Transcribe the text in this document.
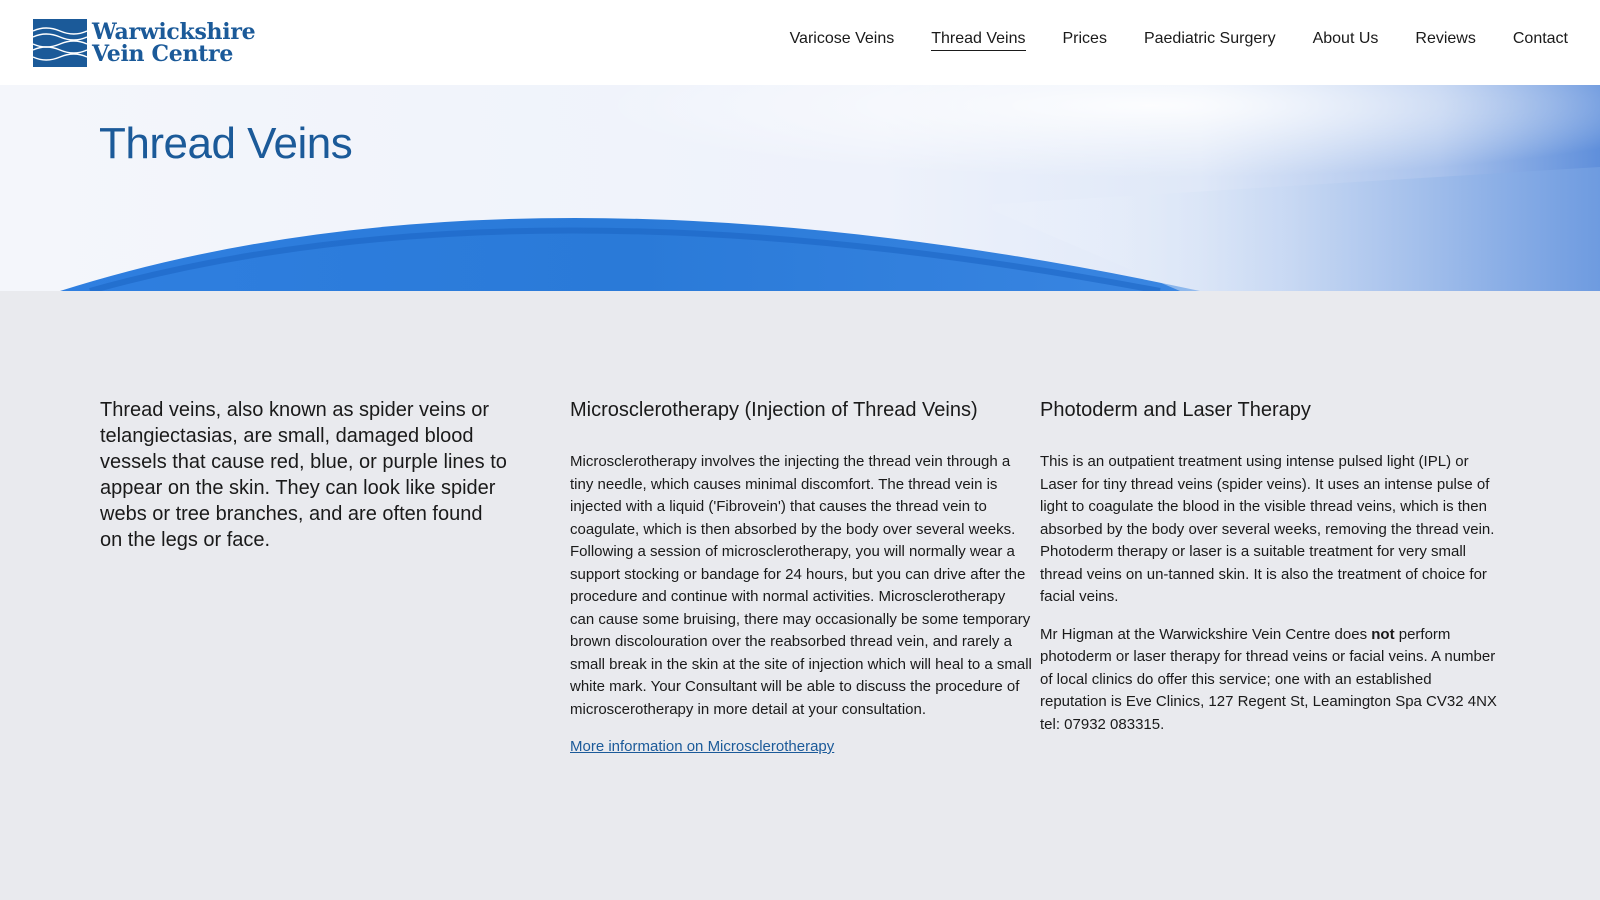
Warwickshire
Vein Centre
Varicose Veins Thread Veins Prices Paediatric Surgery About Us Reviews Contact
Thread Veins

Thread veins, also known as spider veins or telangiectasias, are small, damaged blood vessels that cause red, blue, or purple lines to appear on the skin. They can look like spider webs or tree branches, and are often found on the legs or face.

Microsclerotherapy (Injection of Thread Veins)

Microsclerotherapy involves the injecting the thread vein through a tiny needle, which causes minimal discomfort. The thread vein is injected with a liquid ('Fibrovein') that causes the thread vein to coagulate, which is then absorbed by the body over several weeks. Following a session of microsclerotherapy, you will normally wear a support stocking or bandage for 24 hours, but you can drive after the procedure and continue with normal activities. Microsclerotherapy can cause some bruising, there may occasionally be some temporary brown discolouration over the reabsorbed thread vein, and rarely a small break in the skin at the site of injection which will heal to a small white mark. Your Consultant will be able to discuss the procedure of microscerotherapy in more detail at your consultation.

More information on Microsclerotherapy
Photoderm and Laser Therapy

This is an outpatient treatment using intense pulsed light (IPL) or Laser for tiny thread veins (spider veins). It uses an intense pulse of light to coagulate the blood in the visible thread veins, which is then absorbed by the body over several weeks, removing the thread vein. Photoderm therapy or laser is a suitable treatment for very small thread veins on un-tanned skin. It is also the treatment of choice for facial veins.

Mr Higman at the Warwickshire Vein Centre does not perform photoderm or laser therapy for thread veins or facial veins. A number of local clinics do offer this service; one with an established reputation is Eve Clinics, 127 Regent St, Leamington Spa CV32 4NX tel: 07932 083315.
